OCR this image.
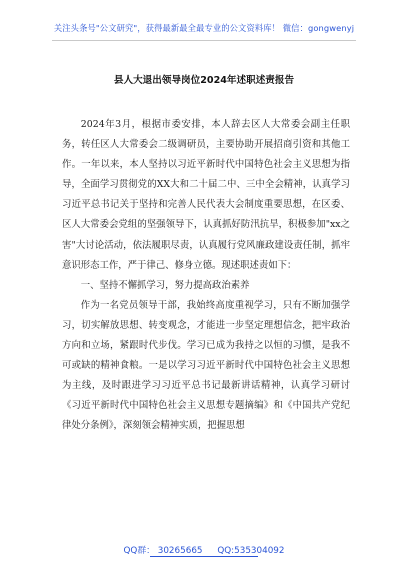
关注头条号"公文研究"，获得最新最全最专业的公文资料库！ 微信：gongwenyj
县人大退出领导岗位2024年述职述责报告

2024年3月，根据市委安排，本人辞去区人大常委会副主任职务，转任区人大常委会二级调研员，主要协助开展招商引资和其他工作。一年以来，本人坚持以习近平新时代中国特色社会主义思想为指导，全面学习贯彻党的XX大和二十届二中、三中全会精神，认真学习习近平总书记关于坚持和完善人民代表大会制度重要思想，在区委、区人大常委会党组的坚强领导下，认真抓好防汛抗旱，积极参加"xx之害"大讨论活动，依法履职尽责，认真履行党风廉政建设责任制，抓牢意识形态工作，严于律己、修身立德。现述职述责如下：

一、坚持不懈抓学习，努力提高政治素养

作为一名党员领导干部，我始终高度重视学习，只有不断加强学习，切实解放思想、转变观念，才能进一步坚定理想信念，把牢政治方向和立场，紧跟时代步伐。学习已成为我持之以恒的习惯，是我不可或缺的精神食粮。一是以学习习近平新时代中国特色社会主义思想为主线，及时跟进学习习近平总书记最新讲话精神，认真学习研讨《习近平新时代中国特色社会主义思想专题摘编》和《中国共产党纪律处分条例》，深刻领会精神实质，把握思想

QQ群： 30265665 QQ:535304092
